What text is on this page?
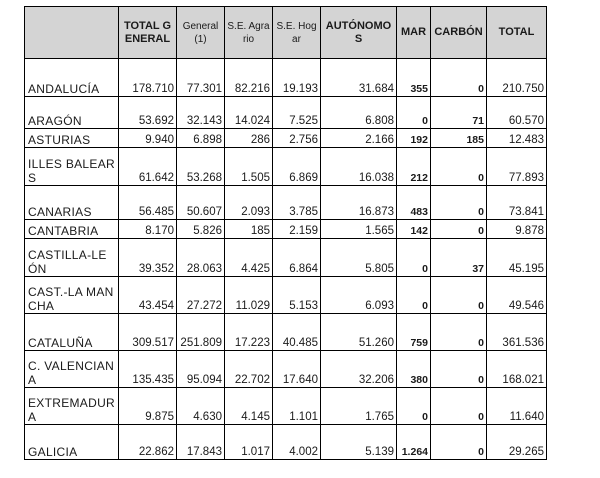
	TOTAL GENERAL	General (1)	S.E. Agrario	S.E. Hogar	AUTÓNOMOS	MAR	CARBÓN	TOTAL
ANDALUCÍA	178.710	77.301	82.216	19.193	31.684	355	0	210.750
ARAGÓN	53.692	32.143	14.024	7.525	6.808	0	71	60.570
ASTURIAS	9.940	6.898	286	2.756	2.166	192	185	12.483
ILLES BALEARS	61.642	53.268	1.505	6.869	16.038	212	0	77.893
CANARIAS	56.485	50.607	2.093	3.785	16.873	483	0	73.841
CANTABRIA	8.170	5.826	185	2.159	1.565	142	0	9.878
CASTILLA-LEÓN	39.352	28.063	4.425	6.864	5.805	0	37	45.195
CAST.-LA MANCHA	43.454	27.272	11.029	5.153	6.093	0	0	49.546
CATALUÑA	309.517	251.809	17.223	40.485	51.260	759	0	361.536
C. VALENCIANA	135.435	95.094	22.702	17.640	32.206	380	0	168.021
EXTREMADURA	9.875	4.630	4.145	1.101	1.765	0	0	11.640
GALICIA	22.862	17.843	1.017	4.002	5.139	1.264	0	29.265
